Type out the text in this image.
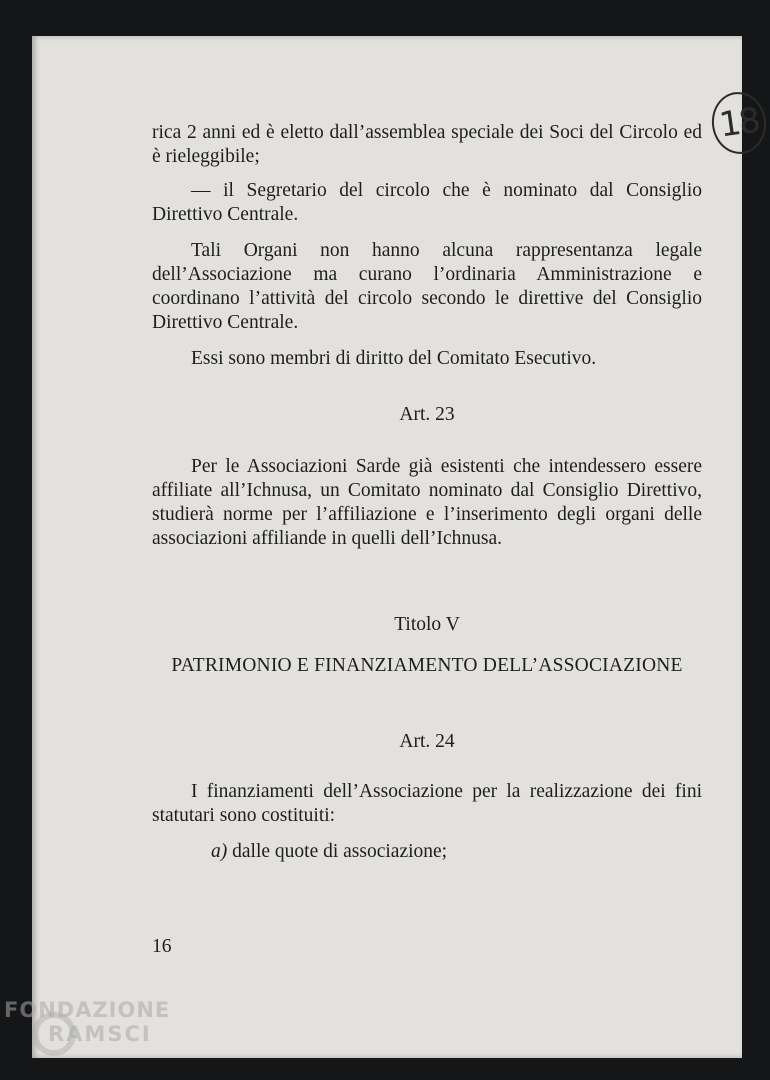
18

rica 2 anni ed è eletto dall’assemblea speciale dei Soci del Circolo ed è rieleggibile;

— il Segretario del circolo che è nominato dal Consiglio Direttivo Centrale.

Tali Organi non hanno alcuna rappresentanza legale dell’Associazione ma curano l’ordinaria Amministrazione e coordinano l’attività del circolo secondo le direttive del Consiglio Direttivo Centrale.

Essi sono membri di diritto del Comitato Esecutivo.

Art. 23

Per le Associazioni Sarde già esistenti che intendessero essere affiliate all’Ichnusa, un Comitato nominato dal Consiglio Direttivo, studierà norme per l’affiliazione e l’inserimento degli organi delle associazioni affiliande in quelli dell’Ichnusa.

Titolo V

PATRIMONIO E FINANZIAMENTO DELL’ASSOCIAZIONE

Art. 24

I finanziamenti dell’Associazione per la realizzazione dei fini statutari sono costituiti:

a) dalle quote di associazione;

16
FONDAZIONE
RAMSCI
